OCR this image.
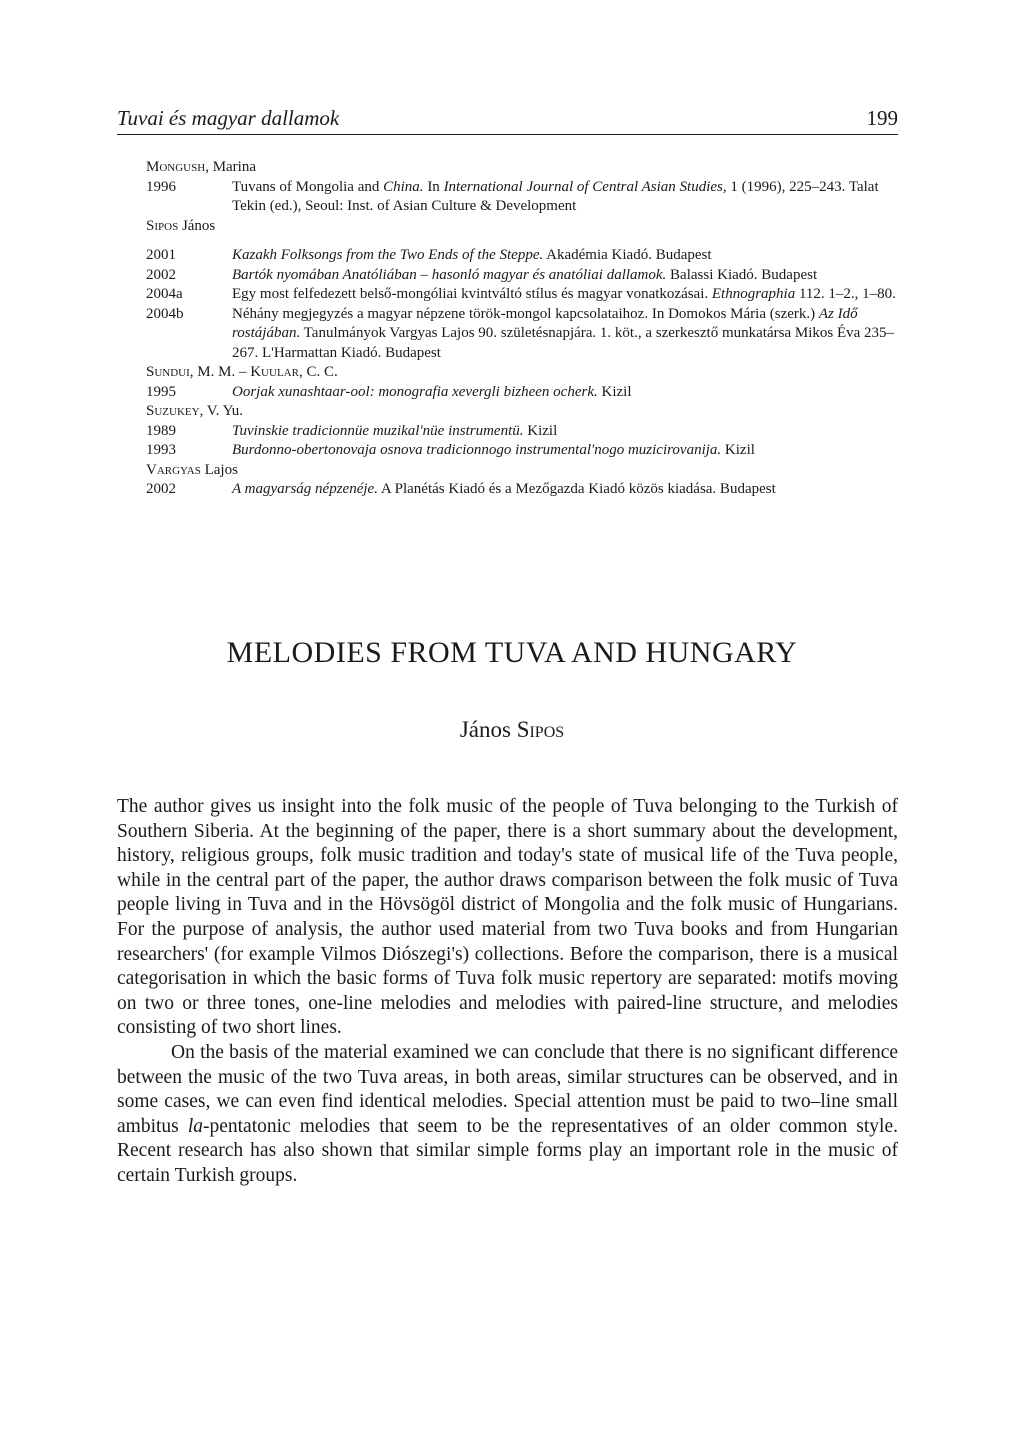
Tuvai és magyar dallamok	199

Mongush, Marina

1996	Tuvans of Mongolia and China. In International Journal of Central Asian Studies, 1 (1996), 225–243. Talat Tekin (ed.), Seoul: Inst. of Asian Culture & Development

Sipos János

2001	Kazakh Folksongs from the Two Ends of the Steppe. Akadémia Kiadó. Budapest
2002	Bartók nyomában Anatóliában – hasonló magyar és anatóliai dallamok. Balassi Kiadó. Budapest
2004a	Egy most felfedezett belső-mongóliai kvintváltó stílus és magyar vonatkozásai. Ethnographia 112. 1–2., 1–80.
2004b	Néhány megjegyzés a magyar népzene török-mongol kapcsolataihoz. In Domokos Mária (szerk.) Az Idő rostájában. Tanulmányok Vargyas Lajos 90. születésnapjára. 1. köt., a szerkesztő munkatársa Mikos Éva 235–267. L'Harmattan Kiadó. Budapest

Sundui, M. M. – Kuular, C. C.

1995	Oorjak xunashtaar-ool: monografia xevergli bizheen ocherk. Kizil

Suzukey, V. Yu.

1989	Tuvinskie tradicionnüe muzikal'nüe instrumentü. Kizil
1993	Burdonno-obertonovaja osnova tradicionnogo instrumental'nogo muzicirovanija. Kizil

Vargyas Lajos

2002	A magyarság népzenéje. A Planétás Kiadó és a Mezőgazda Kiadó közös kiadása. Budapest
MELODIES FROM TUVA AND HUNGARY
János Sipos

The author gives us insight into the folk music of the people of Tuva belonging to the Turkish of Southern Siberia. At the beginning of the paper, there is a short summary about the development, history, religious groups, folk music tradition and today's state of musical life of the Tuva people, while in the central part of the paper, the author draws comparison between the folk music of Tuva people living in Tuva and in the Hövsögöl district of Mongolia and the folk music of Hungarians. For the purpose of analysis, the author used material from two Tuva books and from Hungarian researchers' (for example Vilmos Diószegi's) collections. Before the comparison, there is a musical categorisation in which the basic forms of Tuva folk music repertory are separated: motifs moving on two or three tones, one-line melodies and melodies with paired-line structure, and melodies consisting of two short lines.

On the basis of the material examined we can conclude that there is no significant difference between the music of the two Tuva areas, in both areas, similar structures can be observed, and in some cases, we can even find identical melodies. Special attention must be paid to two–line small ambitus la-pentatonic melodies that seem to be the representatives of an older common style. Recent research has also shown that similar simple forms play an important role in the music of certain Turkish groups.
